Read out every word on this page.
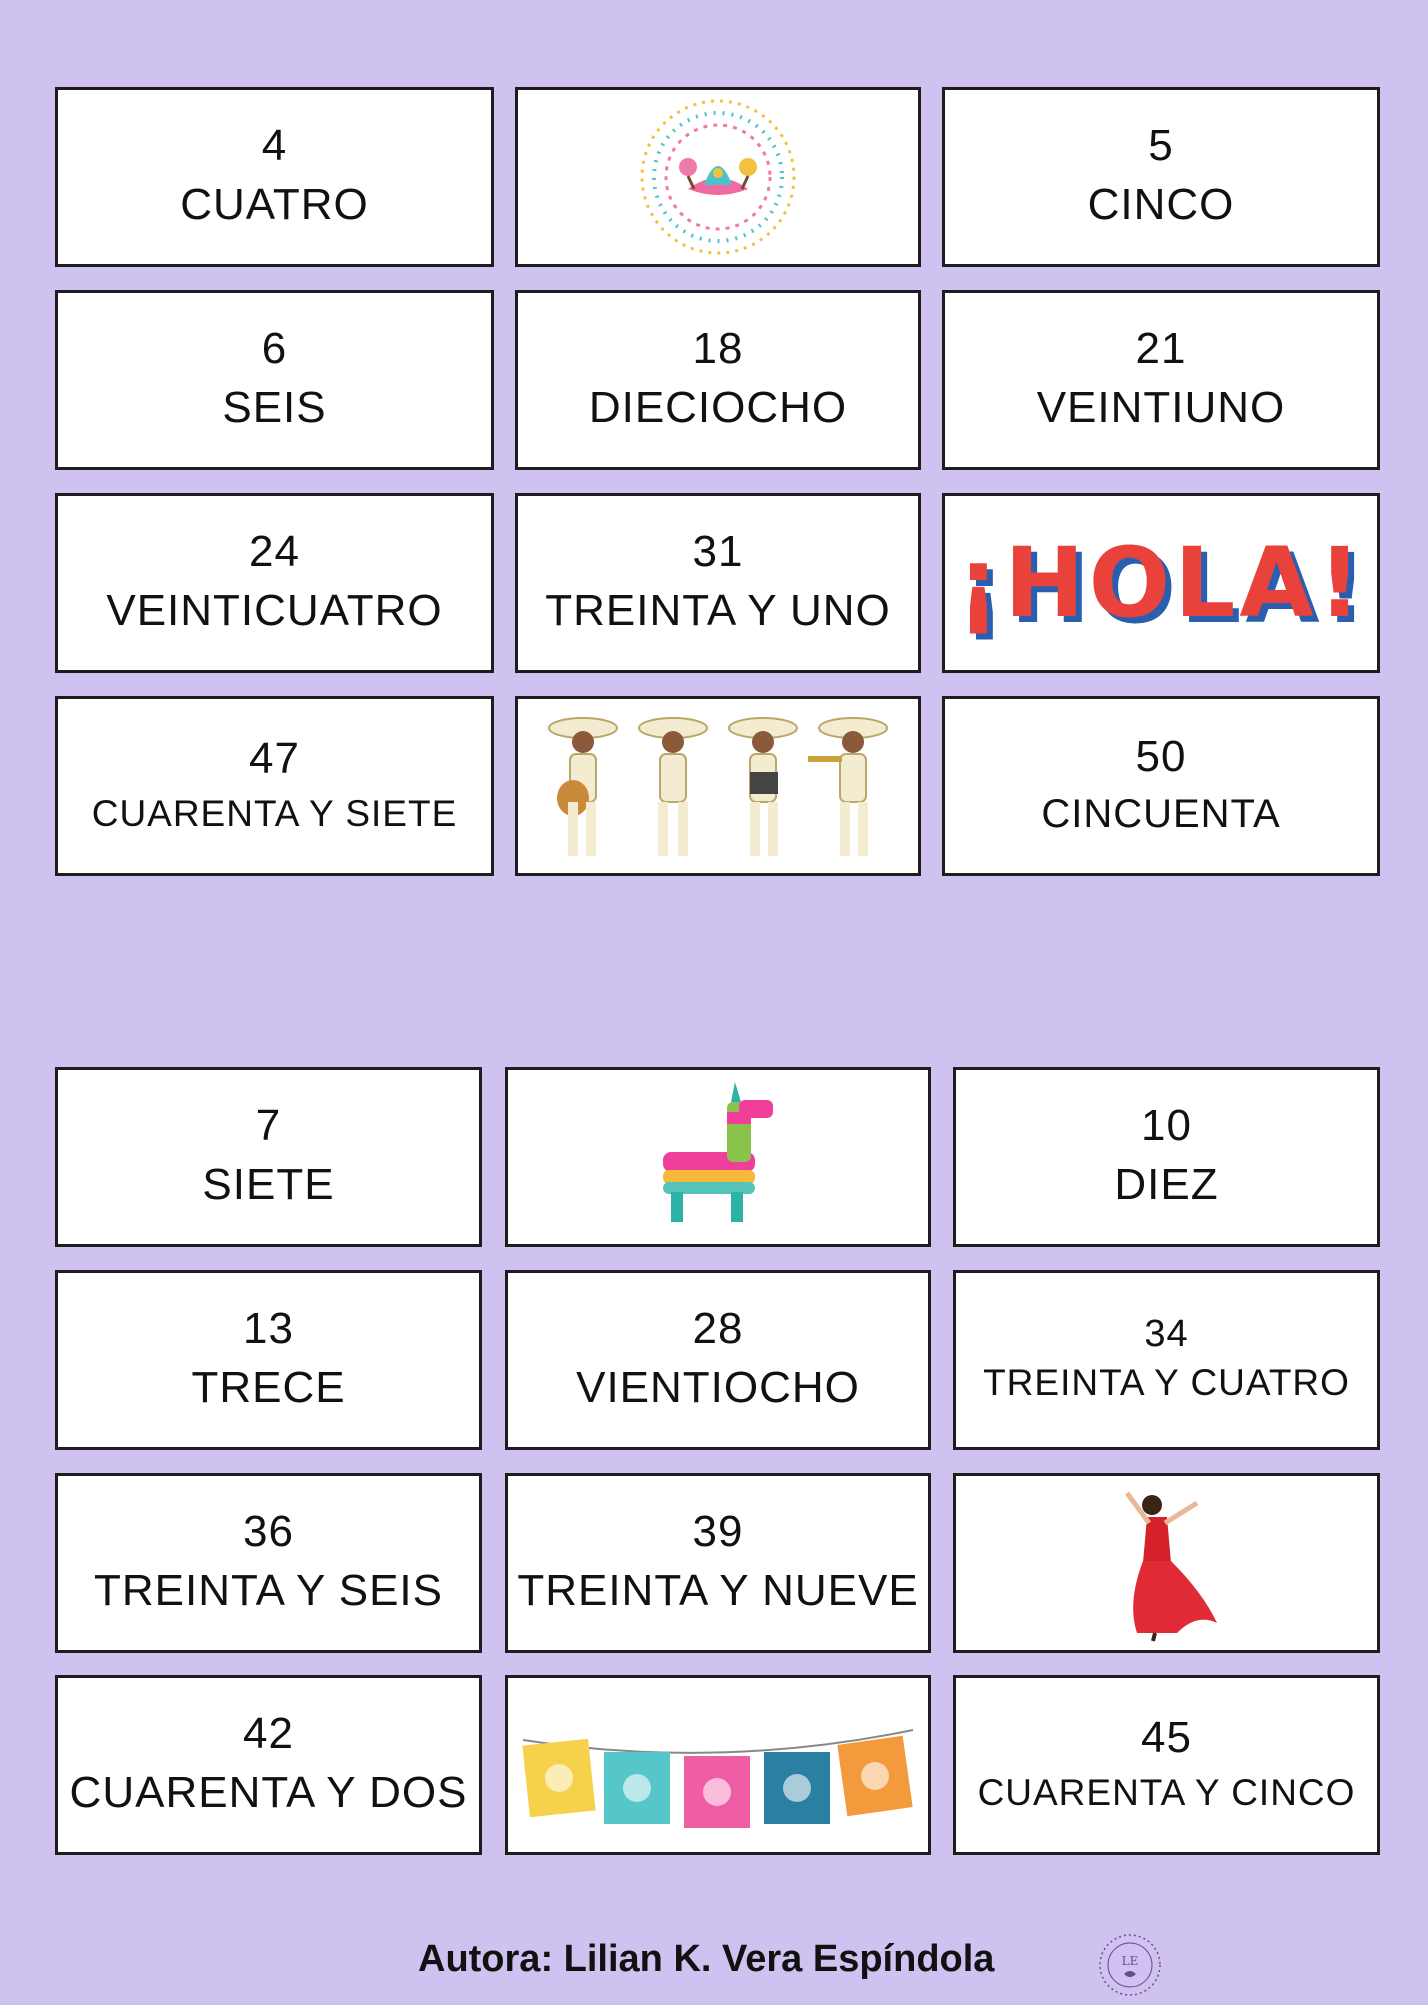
4
CUATRO
5
CINCO
6
SEIS
18
DIECIOCHO
21
VEINTIUNO
24
VEINTICUATRO
31
TREINTA Y UNO ¡HOLA!
47
CUARENTA Y SIETE
50
CINCUENTA
7
SIETE
10
DIEZ
13
TRECE
28
VIENTIOCHO
34
TREINTA Y CUATRO
36
TREINTA Y SEIS
39
TREINTA Y NUEVE
42
CUARENTA Y DOS
45
CUARENTA Y CINCO
Autora: Lilian K. Vera Espíndola	LE
